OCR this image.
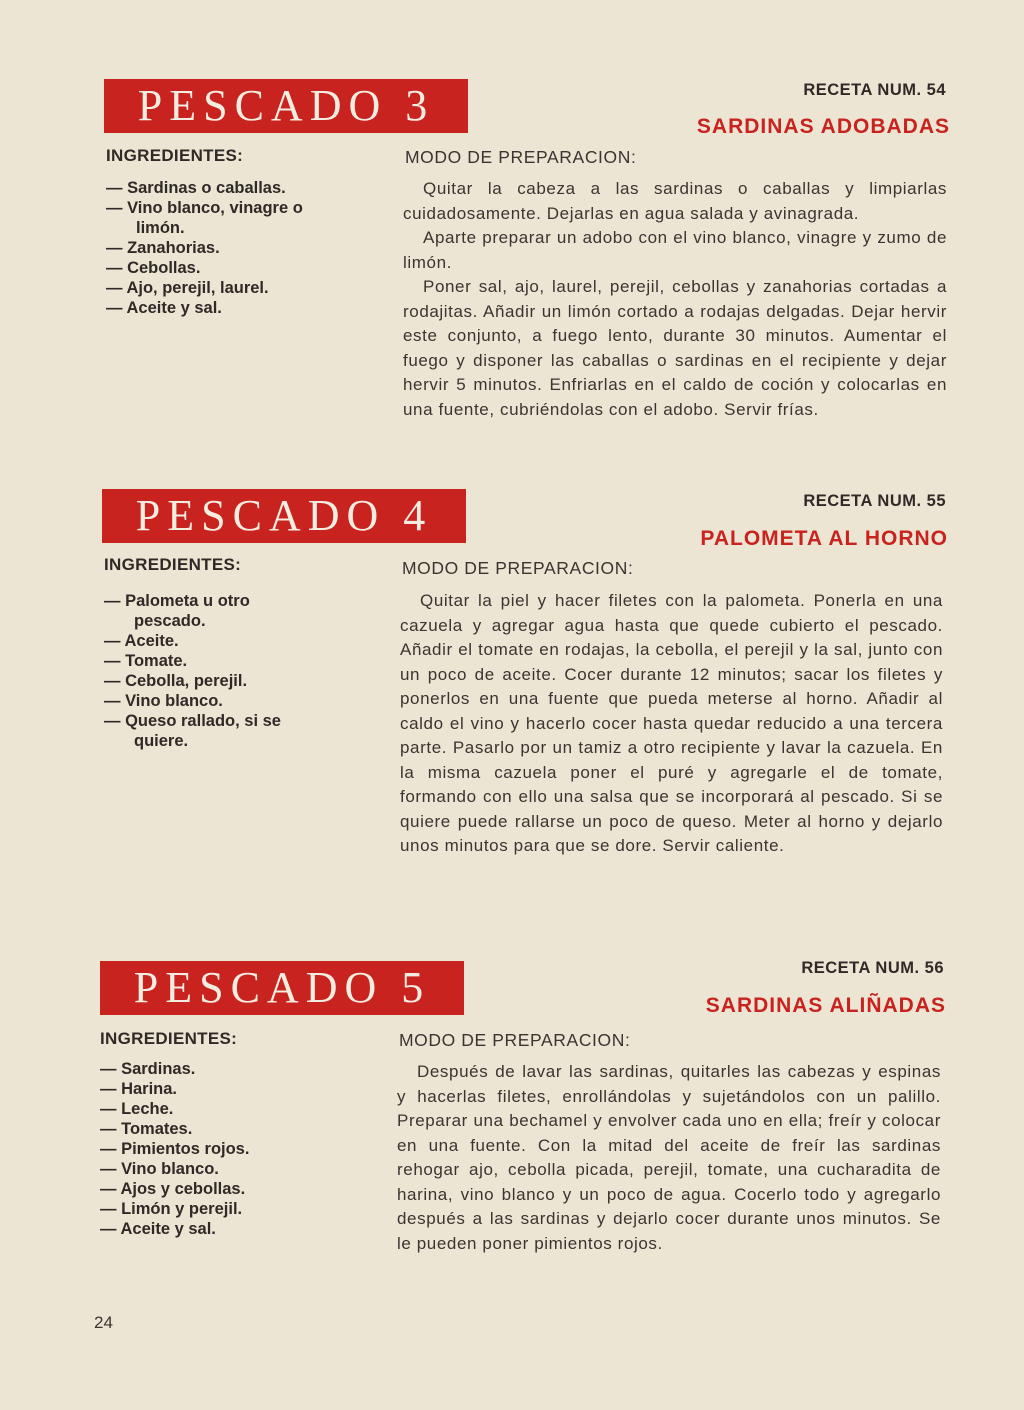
PESCADO 3
INGREDIENTES:
— Sardinas o caballas.
— Vino blanco, vinagre o limón.
— Zanahorias.
— Cebollas.
— Ajo, perejil, laurel.
— Aceite y sal.
RECETA NUM. 54
SARDINAS ADOBADAS
MODO DE PREPARACION:

Quitar la cabeza a las sardinas o caballas y limpiarlas cuidadosamente. Dejarlas en agua salada y avinagrada.

Aparte preparar un adobo con el vino blanco, vinagre y zumo de limón.

Poner sal, ajo, laurel, perejil, cebollas y zanahorias cortadas a rodajitas. Añadir un limón cortado a rodajas delgadas. Dejar hervir este conjunto, a fuego lento, durante 30 minutos. Aumentar el fuego y disponer las caballas o sardinas en el recipiente y dejar hervir 5 minutos. Enfriarlas en el caldo de coción y colocarlas en una fuente, cubriéndolas con el adobo. Servir frías.

PESCADO 4
INGREDIENTES:
— Palometa u otro pescado.
— Aceite.
— Tomate.
— Cebolla, perejil.
— Vino blanco.
— Queso rallado, si se quiere.
RECETA NUM. 55
PALOMETA AL HORNO
MODO DE PREPARACION:

Quitar la piel y hacer filetes con la palometa. Ponerla en una cazuela y agregar agua hasta que quede cubierto el pescado. Añadir el tomate en rodajas, la cebolla, el perejil y la sal, junto con un poco de aceite. Cocer durante 12 minutos; sacar los filetes y ponerlos en una fuente que pueda meterse al horno. Añadir al caldo el vino y hacerlo cocer hasta quedar reducido a una tercera parte. Pasarlo por un tamiz a otro recipiente y lavar la cazuela. En la misma cazuela poner el puré y agregarle el de tomate, formando con ello una salsa que se incorporará al pescado. Si se quiere puede rallarse un poco de queso. Meter al horno y dejarlo unos minutos para que se dore. Servir caliente.

PESCADO 5
INGREDIENTES:
— Sardinas.
— Harina.
— Leche.
— Tomates.
— Pimientos rojos.
— Vino blanco.
— Ajos y cebollas.
— Limón y perejil.
— Aceite y sal.
RECETA NUM. 56
SARDINAS ALIÑADAS
MODO DE PREPARACION:

Después de lavar las sardinas, quitarles las cabezas y espinas y hacerlas filetes, enrollándolas y sujetándolos con un palillo. Preparar una bechamel y envolver cada uno en ella; freír y colocar en una fuente. Con la mitad del aceite de freír las sardinas rehogar ajo, cebolla picada, perejil, tomate, una cucharadita de harina, vino blanco y un poco de agua. Cocerlo todo y agregarlo después a las sardinas y dejarlo cocer durante unos minutos. Se le pueden poner pimientos rojos.

24
